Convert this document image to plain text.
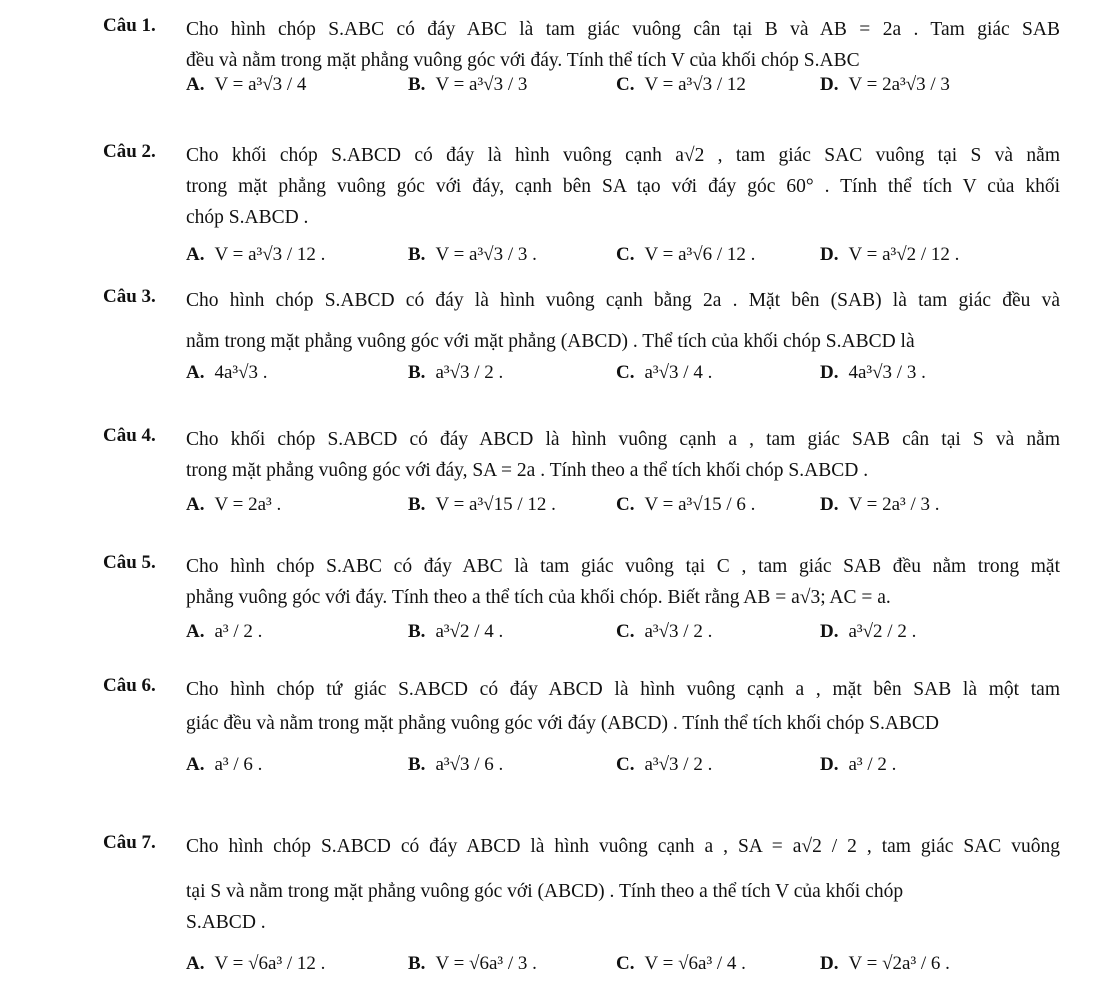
Câu 1. Cho hình chóp S.ABC có đáy ABC là tam giác vuông cân tại B và AB = 2a . Tam giác SAB
đều và nằm trong mặt phẳng vuông góc với đáy. Tính thể tích V của khối chóp S.ABC
A. V = a³√3 / 4	B. V = a³√3 / 3	C. V = a³√3 / 12	D. V = 2a³√3 / 3
Câu 2. Cho khối chóp S.ABCD có đáy là hình vuông cạnh a√2 , tam giác SAC vuông tại S và nằm
trong mặt phẳng vuông góc với đáy, cạnh bên SA tạo với đáy góc 60° . Tính thể tích V của khối
chóp S.ABCD .
A. V = a³√3 / 12 .	B. V = a³√3 / 3 .	C. V = a³√6 / 12 .	D. V = a³√2 / 12 .
Câu 3. Cho hình chóp S.ABCD có đáy là hình vuông cạnh bằng 2a . Mặt bên (SAB) là tam giác đều và
nằm trong mặt phẳng vuông góc với mặt phẳng (ABCD) . Thể tích của khối chóp S.ABCD là
A. 4a³√3 .	B. a³√3 / 2 .	C. a³√3 / 4 .	D. 4a³√3 / 3 .
Câu 4. Cho khối chóp S.ABCD có đáy ABCD là hình vuông cạnh a , tam giác SAB cân tại S và nằm
trong mặt phẳng vuông góc với đáy, SA = 2a . Tính theo a thể tích khối chóp S.ABCD .
A. V = 2a³ .	B. V = a³√15 / 12 .	C. V = a³√15 / 6 .	D. V = 2a³ / 3 .
Câu 5. Cho hình chóp S.ABC có đáy ABC là tam giác vuông tại C , tam giác SAB đều nằm trong mặt
phẳng vuông góc với đáy. Tính theo a thể tích của khối chóp. Biết rằng AB = a√3; AC = a.
A. a³ / 2 .	B. a³√2 / 4 .	C. a³√3 / 2 .	D. a³√2 / 2 .
Câu 6. Cho hình chóp tứ giác S.ABCD có đáy ABCD là hình vuông cạnh a , mặt bên SAB là một tam
giác đều và nằm trong mặt phẳng vuông góc với đáy (ABCD) . Tính thể tích khối chóp S.ABCD
A. a³ / 6 .	B. a³√3 / 6 .	C. a³√3 / 2 .	D. a³ / 2 .
Câu 7. Cho hình chóp S.ABCD có đáy ABCD là hình vuông cạnh a , SA = a√2 / 2 , tam giác SAC vuông
tại S và nằm trong mặt phẳng vuông góc với (ABCD) . Tính theo a thể tích V của khối chóp
S.ABCD .
A. V = √6a³ / 12 .	B. V = √6a³ / 3 .	C. V = √6a³ / 4 .	D. V = √2a³ / 6 .
